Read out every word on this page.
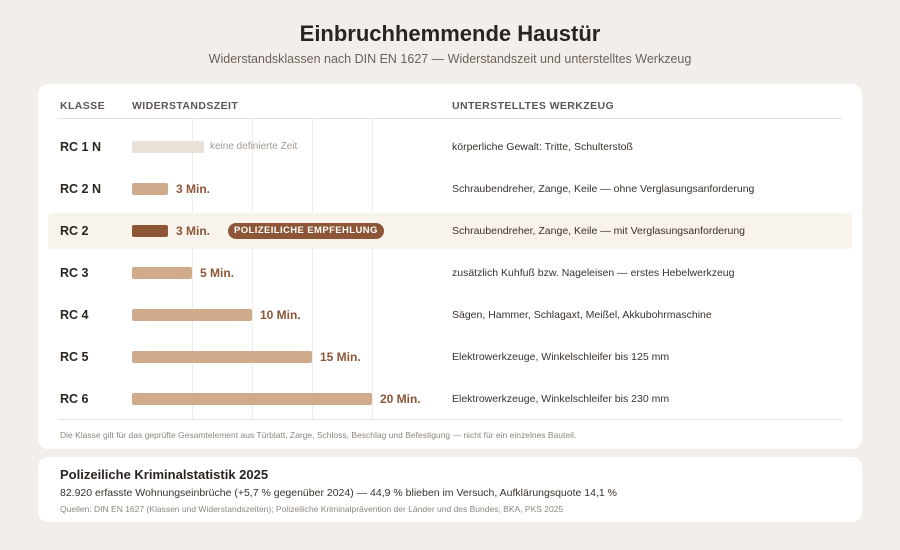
Einbruchhemmende Haustür
Widerstandsklassen nach DIN EN 1627 — Widerstandszeit und unterstelltes Werkzeug
KLASSE	WIDERSTANDSZEIT	UNTERSTELLTES WERKZEUG
RC 1 N	keine definierte Zeit	körperliche Gewalt: Tritte, Schulterstoß
RC 2 N	3 Min.	Schraubendreher, Zange, Keile — ohne Verglasungsanforderung
RC 2	3 Min.	POLIZEILICHE EMPFEHLUNG	Schraubendreher, Zange, Keile — mit Verglasungsanforderung
RC 3	5 Min.	zusätzlich Kuhfuß bzw. Nageleisen — erstes Hebelwerkzeug
RC 4	10 Min.	Sägen, Hammer, Schlagaxt, Meißel, Akkubohrmaschine
RC 5	15 Min.	Elektrowerkzeuge, Winkelschleifer bis 125 mm
RC 6	20 Min.	Elektrowerkzeuge, Winkelschleifer bis 230 mm
Die Klasse gilt für das geprüfte Gesamtelement aus Türblatt, Zarge, Schloss, Beschlag und Befestigung — nicht für ein einzelnes Bauteil.
Polizeiliche Kriminalstatistik 2025
82.920 erfasste Wohnungseinbrüche (+5,7 % gegenüber 2024) — 44,9 % blieben im Versuch, Aufklärungsquote 14,1 %
Quellen: DIN EN 1627 (Klassen und Widerstandszeiten); Polizeiliche Kriminalprävention der Länder und des Bundes; BKA, PKS 2025
